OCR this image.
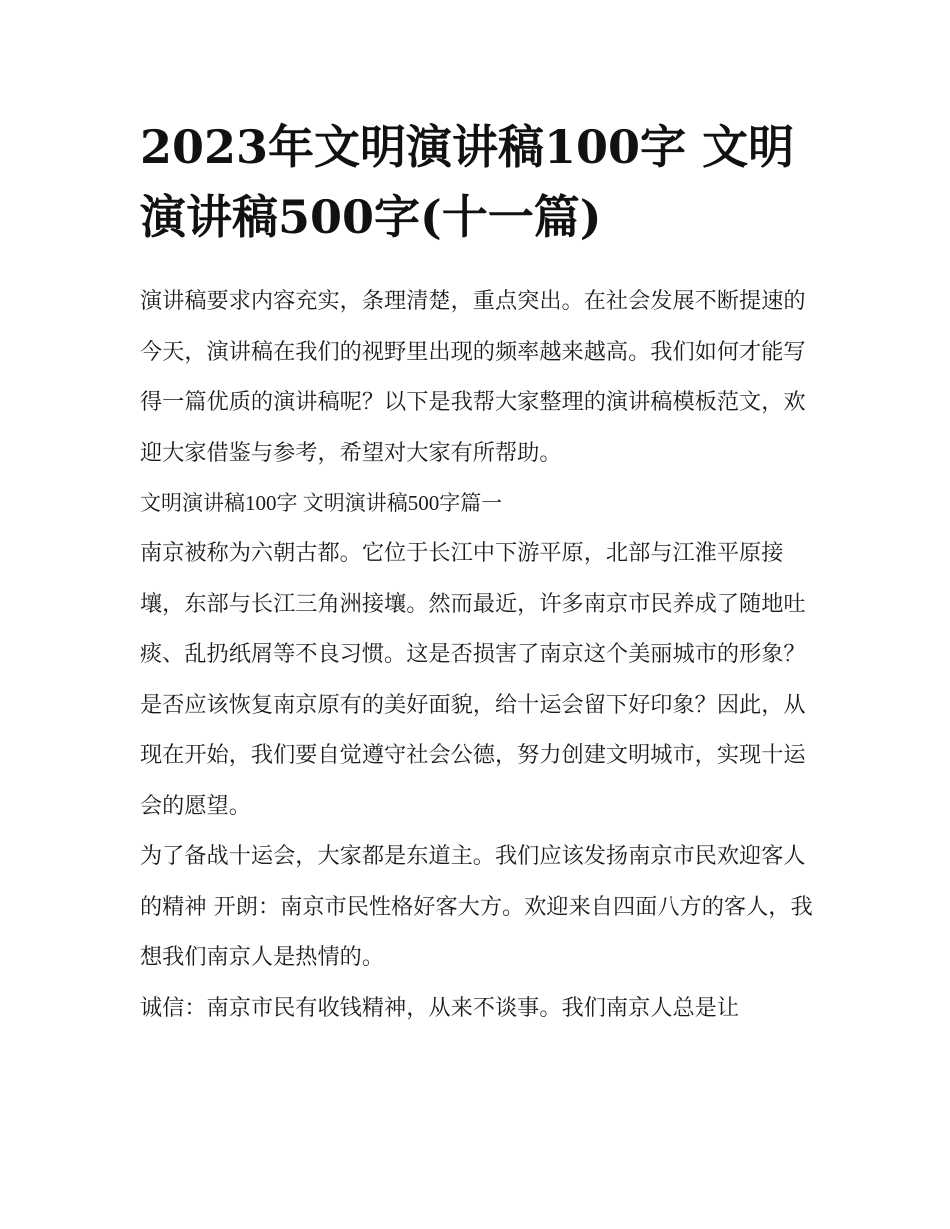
2023年文明演讲稿100字 文明演讲稿500字(十一篇)

演讲稿要求内容充实，条理清楚，重点突出。在社会发展不断提速的今天，演讲稿在我们的视野里出现的频率越来越高。我们如何才能写得一篇优质的演讲稿呢？以下是我帮大家整理的演讲稿模板范文，欢迎大家借鉴与参考，希望对大家有所帮助。

文明演讲稿100字 文明演讲稿500字篇一

南京被称为六朝古都。它位于长江中下游平原，北部与江淮平原接壤，东部与长江三角洲接壤。然而最近，许多南京市民养成了随地吐痰、乱扔纸屑等不良习惯。这是否损害了南京这个美丽城市的形象？是否应该恢复南京原有的美好面貌，给十运会留下好印象？因此，从现在开始，我们要自觉遵守社会公德，努力创建文明城市，实现十运会的愿望。

为了备战十运会，大家都是东道主。我们应该发扬南京市民欢迎客人的精神 开朗：南京市民性格好客大方。欢迎来自四面八方的客人，我想我们南京人是热情的。

诚信：南京市民有收钱精神，从来不谈事。我们南京人总是让
